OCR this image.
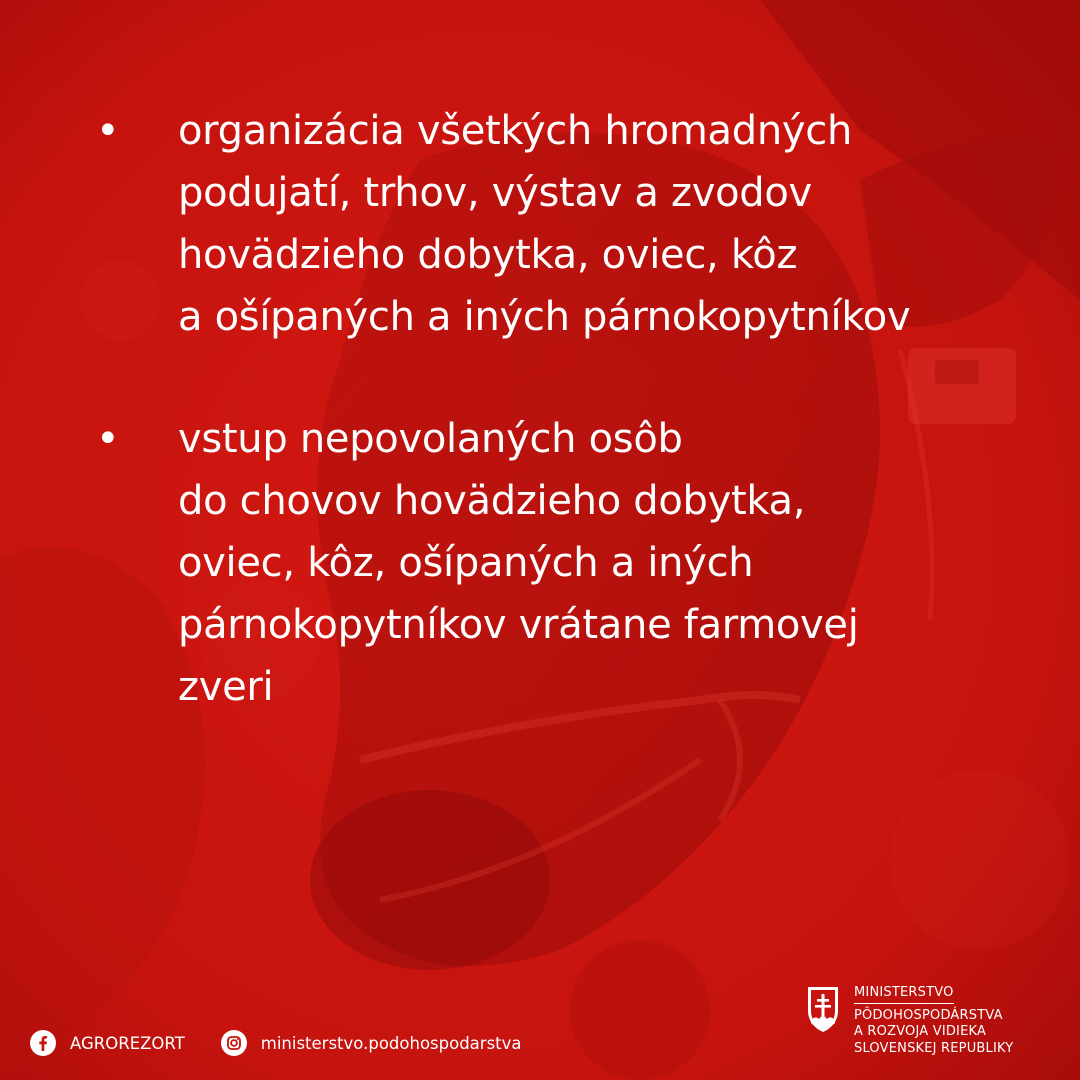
• organizácia všetkých hromadných
podujatí, trhov, výstav a zvodov
hovädzieho dobytka, oviec, kôz
a ošípaných a iných párnokopytníkov
• vstup nepovolaných osôb
do chovov hovädzieho dobytka,
oviec, kôz, ošípaných a iných
párnokopytníkov vrátane farmovej
zveri
AGROREZORT	ministerstvo.podohospodarstva
MINISTERSTVO
PÔDOHOSPODÁRSTVA
A ROZVOJA VIDIEKA
SLOVENSKEJ REPUBLIKY
